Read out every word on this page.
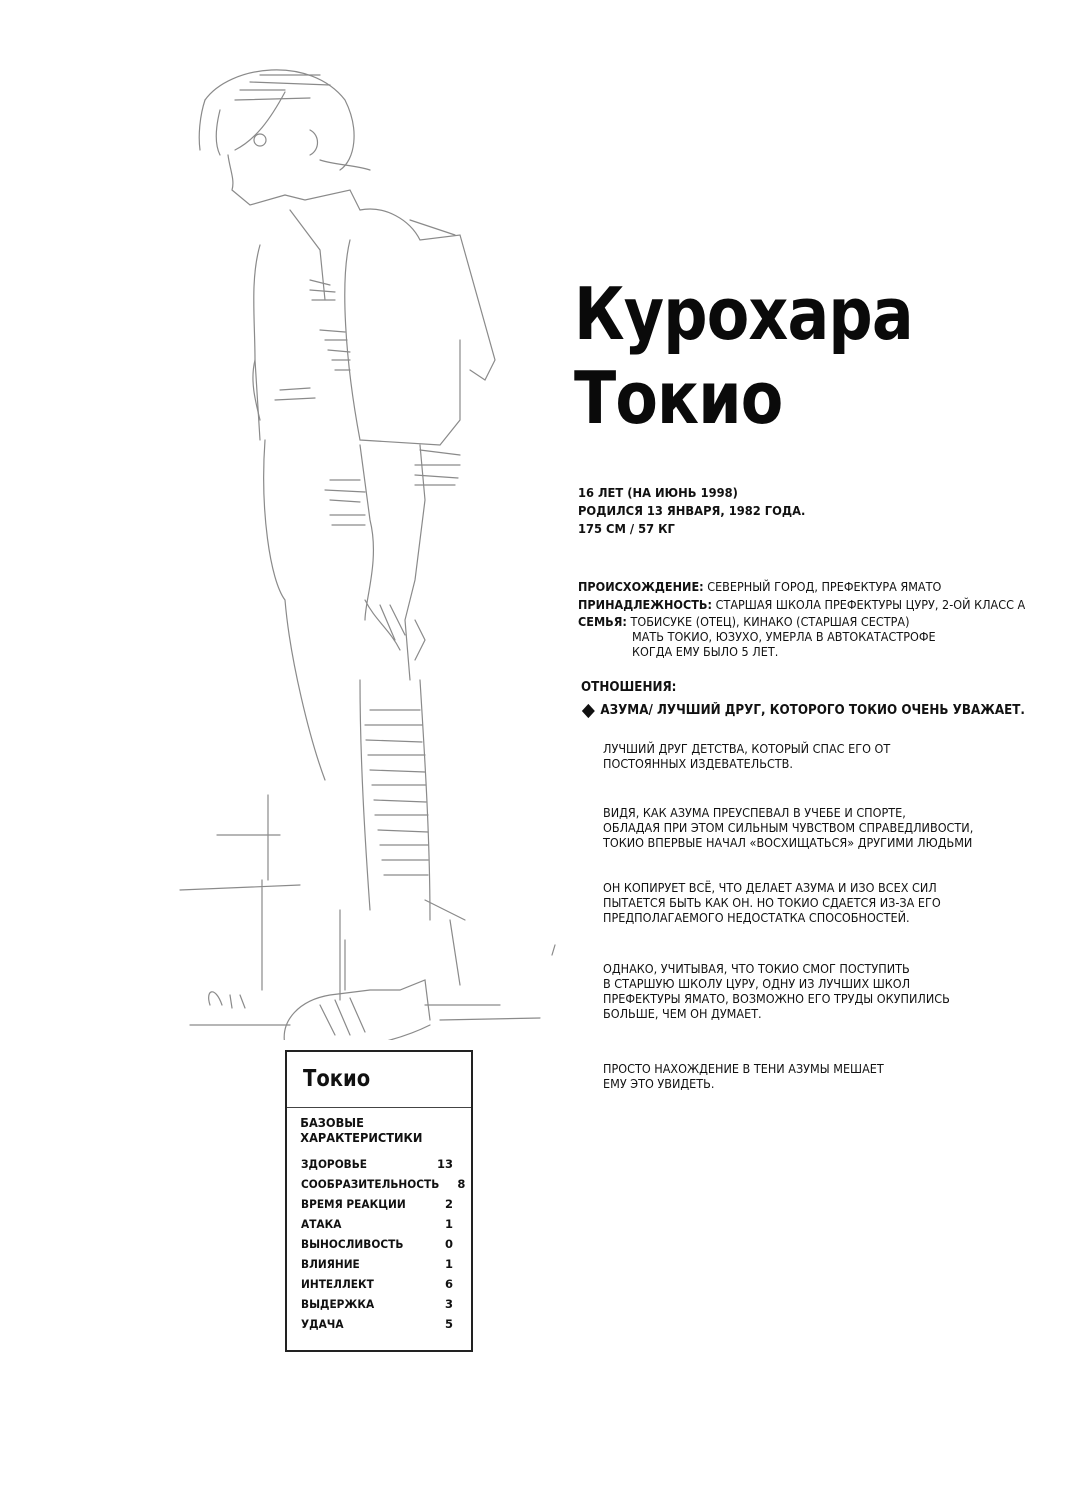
Курохара
Токио
16 ЛЕТ (НА ИЮНЬ 1998)
РОДИЛСЯ 13 ЯНВАРЯ, 1982 ГОДА.
175 СМ / 57 КГ
ПРОИСХОЖДЕНИЕ: СЕВЕРНЫЙ ГОРОД, ПРЕФЕКТУРА ЯМАТО
ПРИНАДЛЕЖНОСТЬ: СТАРШАЯ ШКОЛА ПРЕФЕКТУРЫ ЦУРУ, 2-ОЙ КЛАСС А
СЕМЬЯ: ТОБИСУКЕ (ОТЕЦ), КИНАКО (СТАРШАЯ СЕСТРА)
МАТЬ ТОКИО, ЮЗУХО, УМЕРЛА В АВТОКАТАСТРОФЕ
КОГДА ЕМУ БЫЛО 5 ЛЕТ.
ОТНОШЕНИЯ:
АЗУМА/ ЛУЧШИЙ ДРУГ, КОТОРОГО ТОКИО ОЧЕНЬ УВАЖАЕТ.
ЛУЧШИЙ ДРУГ ДЕТСТВА, КОТОРЫЙ СПАС ЕГО ОТ
ПОСТОЯННЫХ ИЗДЕВАТЕЛЬСТВ.
ВИДЯ, КАК АЗУМА ПРЕУСПЕВАЛ В УЧЕБЕ И СПОРТЕ,
ОБЛАДАЯ ПРИ ЭТОМ СИЛЬНЫМ ЧУВСТВОМ СПРАВЕДЛИВОСТИ,
ТОКИО ВПЕРВЫЕ НАЧАЛ «ВОСХИЩАТЬСЯ» ДРУГИМИ ЛЮДЬМИ
ОН КОПИРУЕТ ВСЁ, ЧТО ДЕЛАЕТ АЗУМА И ИЗО ВСЕХ СИЛ
ПЫТАЕТСЯ БЫТЬ КАК ОН. НО ТОКИО СДАЕТСЯ ИЗ-ЗА ЕГО
ПРЕДПОЛАГАЕМОГО НЕДОСТАТКА СПОСОБНОСТЕЙ.
ОДНАКО, УЧИТЫВАЯ, ЧТО ТОКИО СМОГ ПОСТУПИТЬ
В СТАРШУЮ ШКОЛУ ЦУРУ, ОДНУ ИЗ ЛУЧШИХ ШКОЛ
ПРЕФЕКТУРЫ ЯМАТО, ВОЗМОЖНО ЕГО ТРУДЫ ОКУПИЛИСЬ
БОЛЬШЕ, ЧЕМ ОН ДУМАЕТ.
ПРОСТО НАХОЖДЕНИЕ В ТЕНИ АЗУМЫ МЕШАЕТ
ЕМУ ЭТО УВИДЕТЬ.
Токио
БАЗОВЫЕ
ХАРАКТЕРИСТИКИ
ЗДОРОВЬЕ	13
СООБРАЗИТЕЛЬНОСТЬ	8
ВРЕМЯ РЕАКЦИИ	2
АТАКА	1
ВЫНОСЛИВОСТЬ	0
ВЛИЯНИЕ	1
ИНТЕЛЛЕКТ	6
ВЫДЕРЖКА	3
УДАЧА	5
